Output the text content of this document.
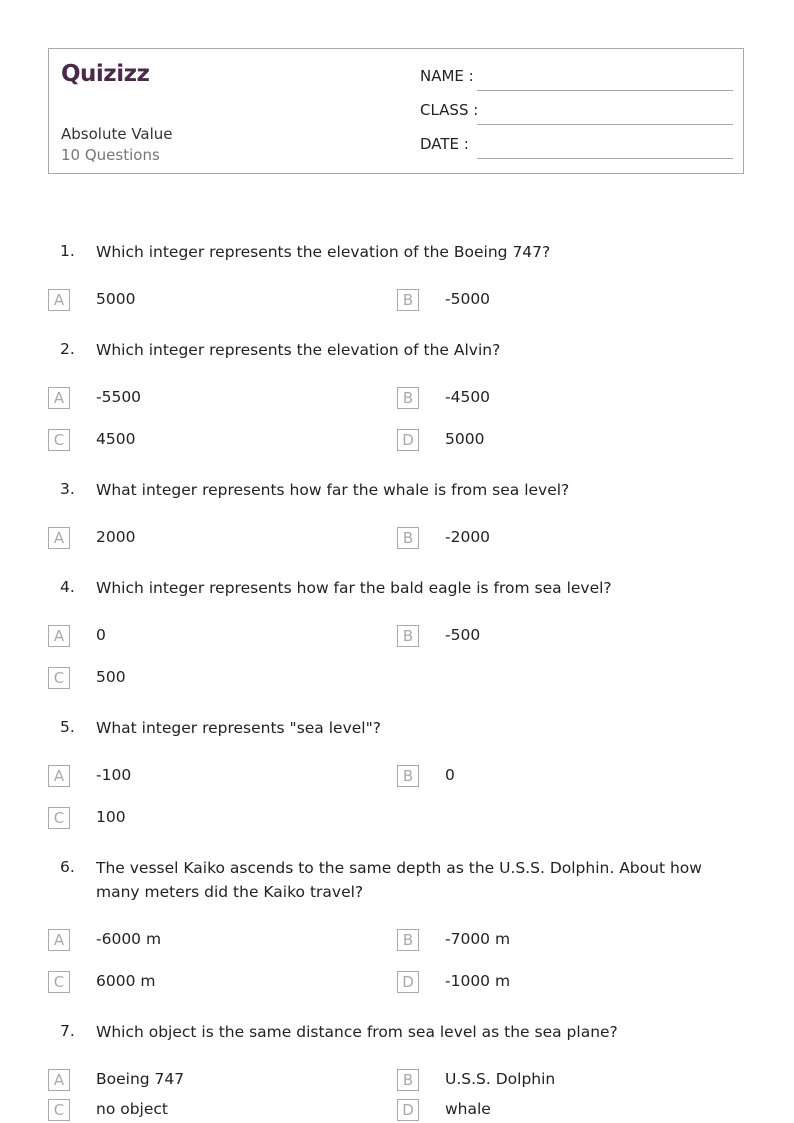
Quizizz
Absolute Value
10 Questions
NAME :
CLASS :
DATE :
1. Which integer represents the elevation of the Boeing 747?
A	5000	B	-5000
2. Which integer represents the elevation of the Alvin?
A	-5500	B	-4500
C	4500	D	5000
3. What integer represents how far the whale is from sea level?
A	2000	B	-2000
4. Which integer represents how far the bald eagle is from sea level?
A	0	B	-500
C	500
5. What integer represents "sea level"?
A	-100	B	0
C	100
6. The vessel Kaiko ascends to the same depth as the U.S.S. Dolphin. About how many meters did the Kaiko travel?
A	-6000 m	B	-7000 m
C	6000 m	D	-1000 m
7. Which object is the same distance from sea level as the sea plane?
A	Boeing 747	B	U.S.S. Dolphin
C	no object	D	whale
